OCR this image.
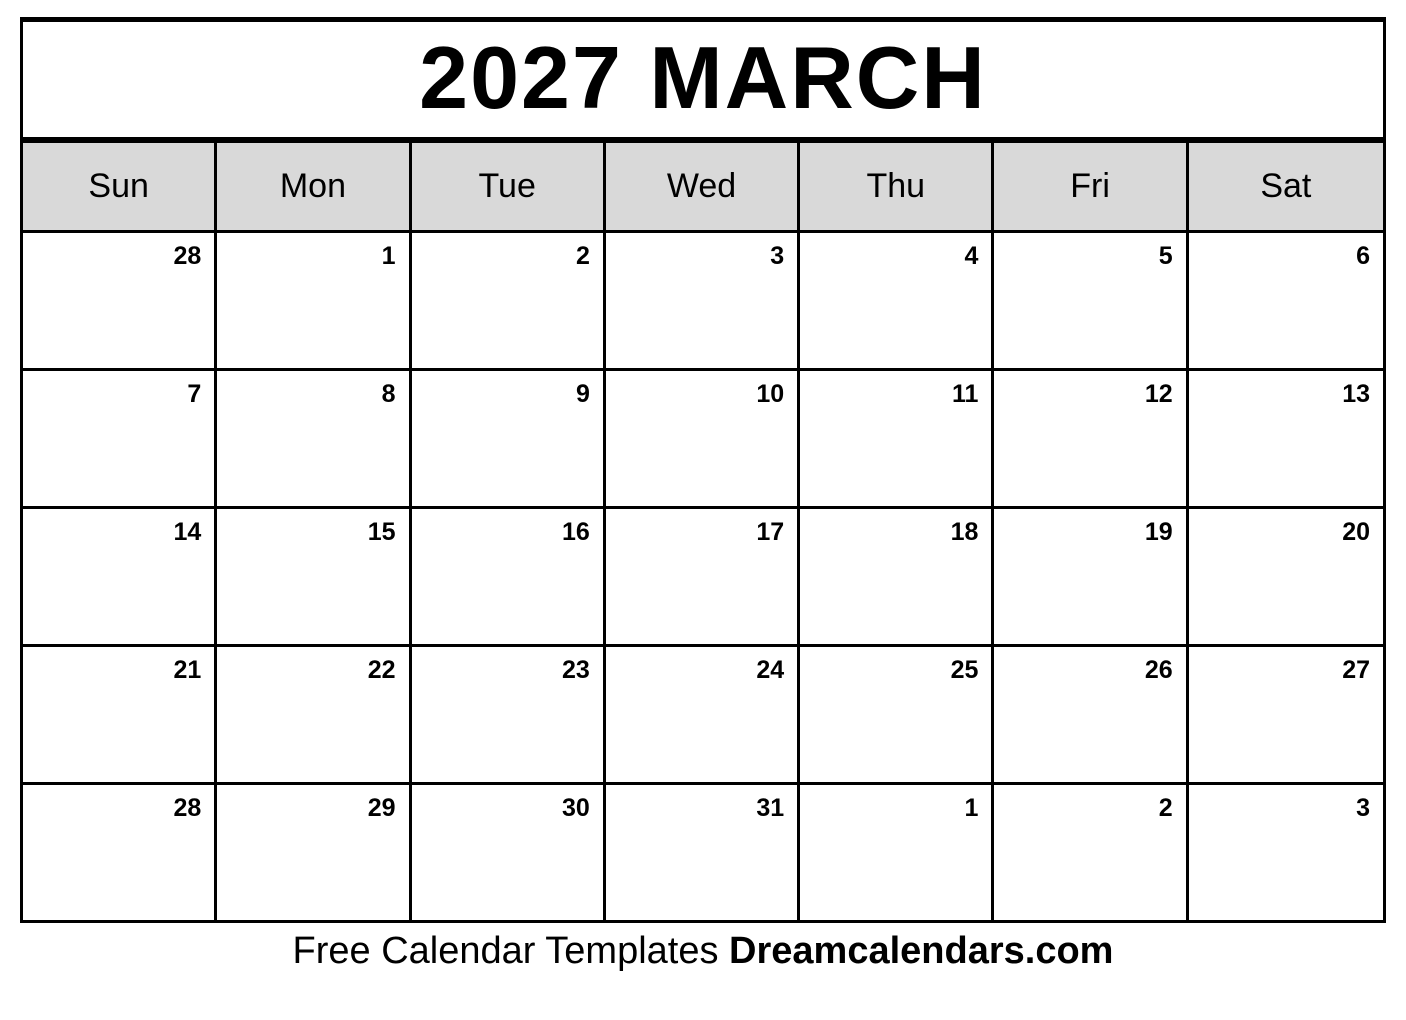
2027 MARCH
Sun	Mon	Tue	Wed	Thu	Fri	Sat
28	1	2	3	4	5	6
7	8	9	10	11	12	13
14	15	16	17	18	19	20
21	22	23	24	25	26	27
28	29	30	31	1	2	3
Free Calendar Templates Dreamcalendars.com
